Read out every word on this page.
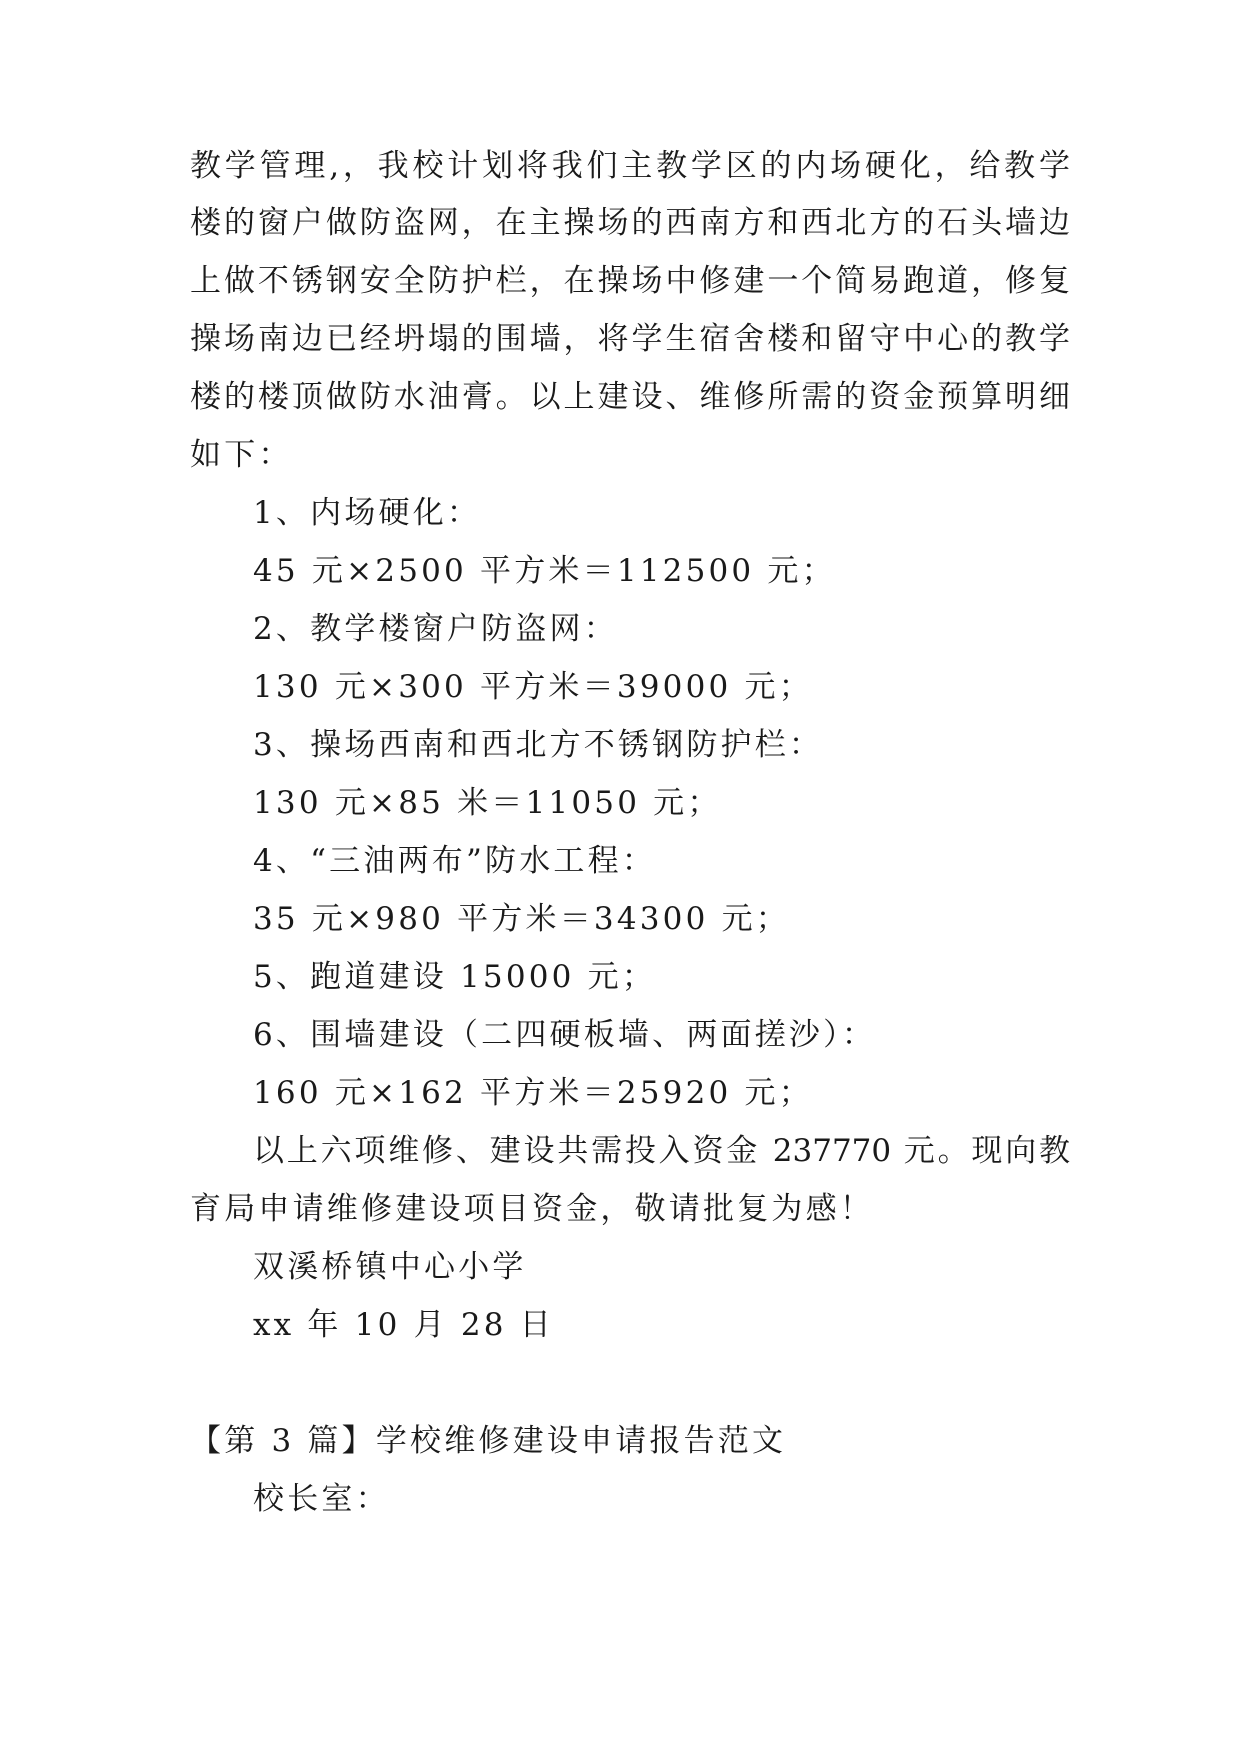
教学管理,，我校计划将我们主教学区的内场硬化，给教学
楼的窗户做防盗网，在主操场的西南方和西北方的石头墙边
上做不锈钢安全防护栏，在操场中修建一个简易跑道，修复
操场南边已经坍塌的围墙，将学生宿舍楼和留守中心的教学
楼的楼顶做防水油膏。以上建设、维修所需的资金预算明细
如下：
1、内场硬化：
45 元×2500 平方米＝112500 元；
2、教学楼窗户防盗网：
130 元×300 平方米＝39000 元；
3、操场西南和西北方不锈钢防护栏：
130 元×85 米＝11050 元；
4、“三油两布”防水工程：
35 元×980 平方米＝34300 元；
5、跑道建设 15000 元；
6、围墙建设（二四硬板墙、两面搓沙）：
160 元×162 平方米＝25920 元；
以上六项维修、建设共需投入资金 237770 元。现向教
育局申请维修建设项目资金，敬请批复为感！
双溪桥镇中心小学
xx 年 10 月 28 日
【第 3 篇】学校维修建设申请报告范文
校长室：
